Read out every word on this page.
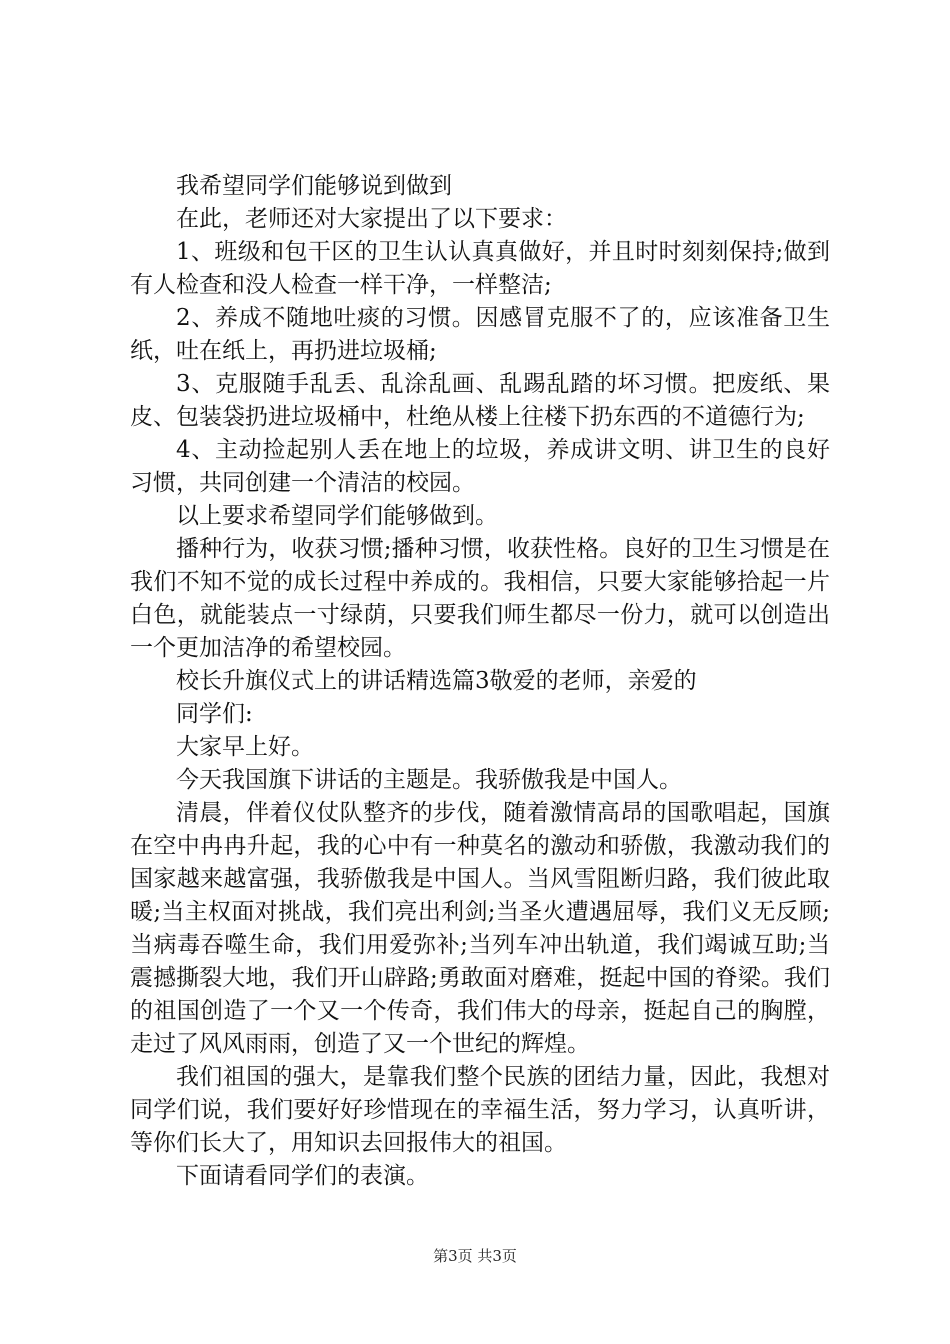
我希望同学们能够说到做到

在此，老师还对大家提出了以下要求：

1、班级和包干区的卫生认认真真做好，并且时时刻刻保持;做到有人检查和没人检查一样干净，一样整洁;

2、养成不随地吐痰的习惯。因感冒克服不了的，应该准备卫生纸，吐在纸上，再扔进垃圾桶;

3、克服随手乱丢、乱涂乱画、乱踢乱踏的坏习惯。把废纸、果皮、包装袋扔进垃圾桶中，杜绝从楼上往楼下扔东西的不道德行为;

4、主动捡起别人丢在地上的垃圾，养成讲文明、讲卫生的良好习惯，共同创建一个清洁的校园。

以上要求希望同学们能够做到。

播种行为，收获习惯;播种习惯，收获性格。良好的卫生习惯是在我们不知不觉的成长过程中养成的。我相信，只要大家能够拾起一片白色，就能装点一寸绿荫，只要我们师生都尽一份力，就可以创造出一个更加洁净的希望校园。

校长升旗仪式上的讲话精选篇3敬爱的老师，亲爱的

同学们:

大家早上好。

今天我国旗下讲话的主题是。我骄傲我是中国人。

清晨，伴着仪仗队整齐的步伐，随着激情高昂的国歌唱起，国旗在空中冉冉升起，我的心中有一种莫名的激动和骄傲，我激动我们的国家越来越富强，我骄傲我是中国人。当风雪阻断归路，我们彼此取暖;当主权面对挑战，我们亮出利剑;当圣火遭遇屈辱，我们义无反顾;当病毒吞噬生命，我们用爱弥补;当列车冲出轨道，我们竭诚互助;当震撼撕裂大地，我们开山辟路;勇敢面对磨难，挺起中国的脊梁。我们的祖国创造了一个又一个传奇，我们伟大的母亲，挺起自己的胸膛，走过了风风雨雨，创造了又一个世纪的辉煌。

我们祖国的强大，是靠我们整个民族的团结力量，因此，我想对同学们说，我们要好好珍惜现在的幸福生活，努力学习，认真听讲，等你们长大了，用知识去回报伟大的祖国。

下面请看同学们的表演。

第3页 共3页
